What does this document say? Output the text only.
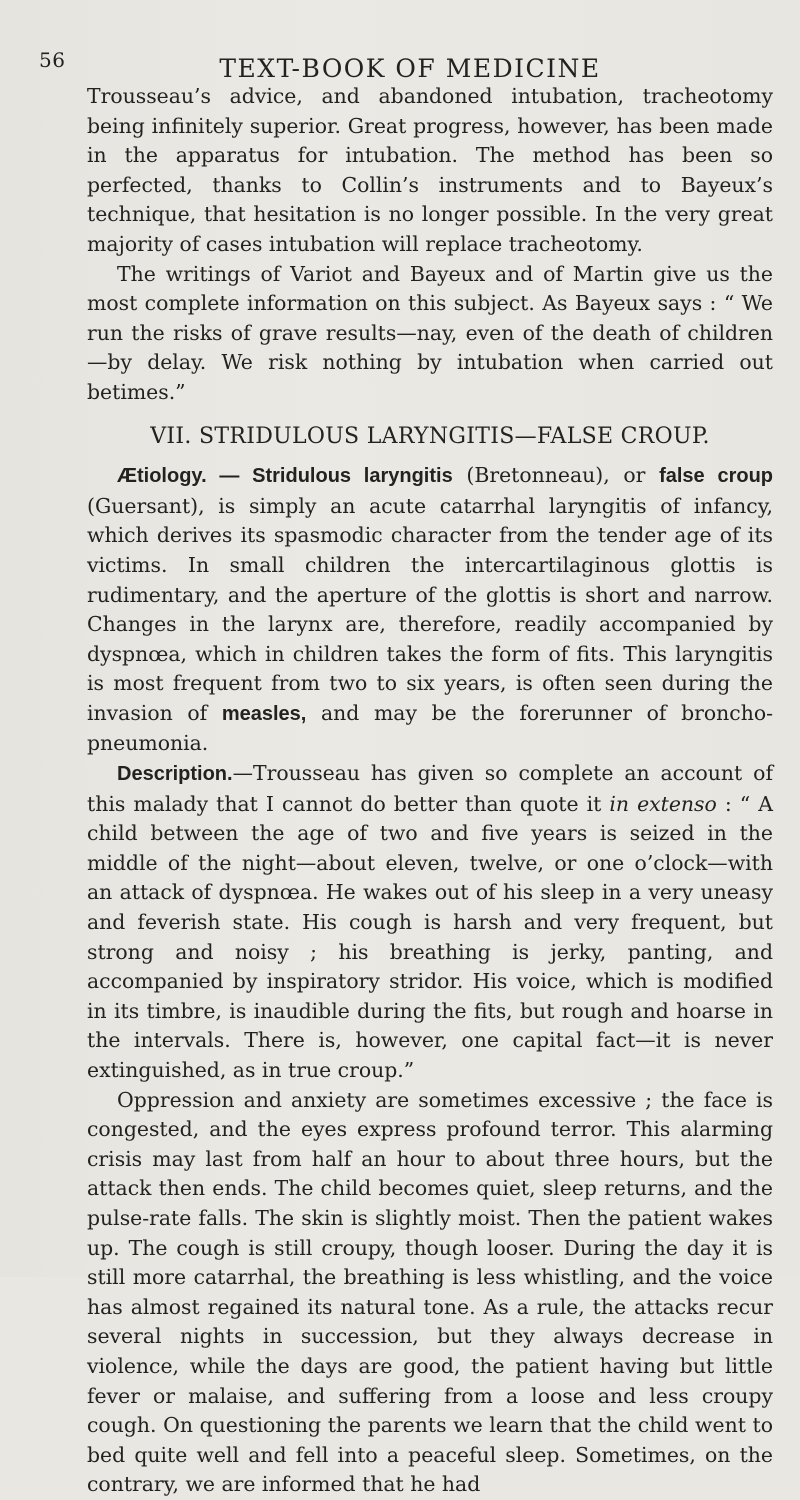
56	TEXT-BOOK OF MEDICINE

Trousseau’s advice, and abandoned intubation, tracheotomy being infinitely superior. Great progress, however, has been made in the apparatus for intubation. The method has been so perfected, thanks to Collin’s instruments and to Bayeux’s technique, that hesitation is no longer possible. In the very great majority of cases intubation will replace tracheotomy.

The writings of Variot and Bayeux and of Martin give us the most complete information on this subject. As Bayeux says : “ We run the risks of grave results—nay, even of the death of children—by delay. We risk nothing by intubation when carried out betimes.”

VII. STRIDULOUS LARYNGITIS—FALSE CROUP.

Ætiology. — Stridulous laryngitis (Bretonneau), or false croup (Guersant), is simply an acute catarrhal laryngitis of infancy, which derives its spasmodic character from the tender age of its victims. In small children the intercartilaginous glottis is rudimentary, and the aperture of the glottis is short and narrow. Changes in the larynx are, therefore, readily accompanied by dyspnœa, which in children takes the form of fits. This laryngitis is most frequent from two to six years, is often seen during the invasion of measles, and may be the forerunner of broncho-pneumonia.

Description.—Trousseau has given so complete an account of this malady that I cannot do better than quote it in extenso : “ A child between the age of two and five years is seized in the middle of the night—about eleven, twelve, or one o’clock—with an attack of dyspnœa. He wakes out of his sleep in a very uneasy and feverish state. His cough is harsh and very frequent, but strong and noisy ; his breathing is jerky, panting, and accompanied by inspiratory stridor. His voice, which is modified in its timbre, is inaudible during the fits, but rough and hoarse in the intervals. There is, however, one capital fact—it is never extinguished, as in true croup.”

Oppression and anxiety are sometimes excessive ; the face is congested, and the eyes express profound terror. This alarming crisis may last from half an hour to about three hours, but the attack then ends. The child becomes quiet, sleep returns, and the pulse-rate falls. The skin is slightly moist. Then the patient wakes up. The cough is still croupy, though looser. During the day it is still more catarrhal, the breathing is less whistling, and the voice has almost regained its natural tone. As a rule, the attacks recur several nights in succession, but they always decrease in violence, while the days are good, the patient having but little fever or malaise, and suffering from a loose and less croupy cough. On questioning the parents we learn that the child went to bed quite well and fell into a peaceful sleep. Sometimes, on the contrary, we are informed that he had
